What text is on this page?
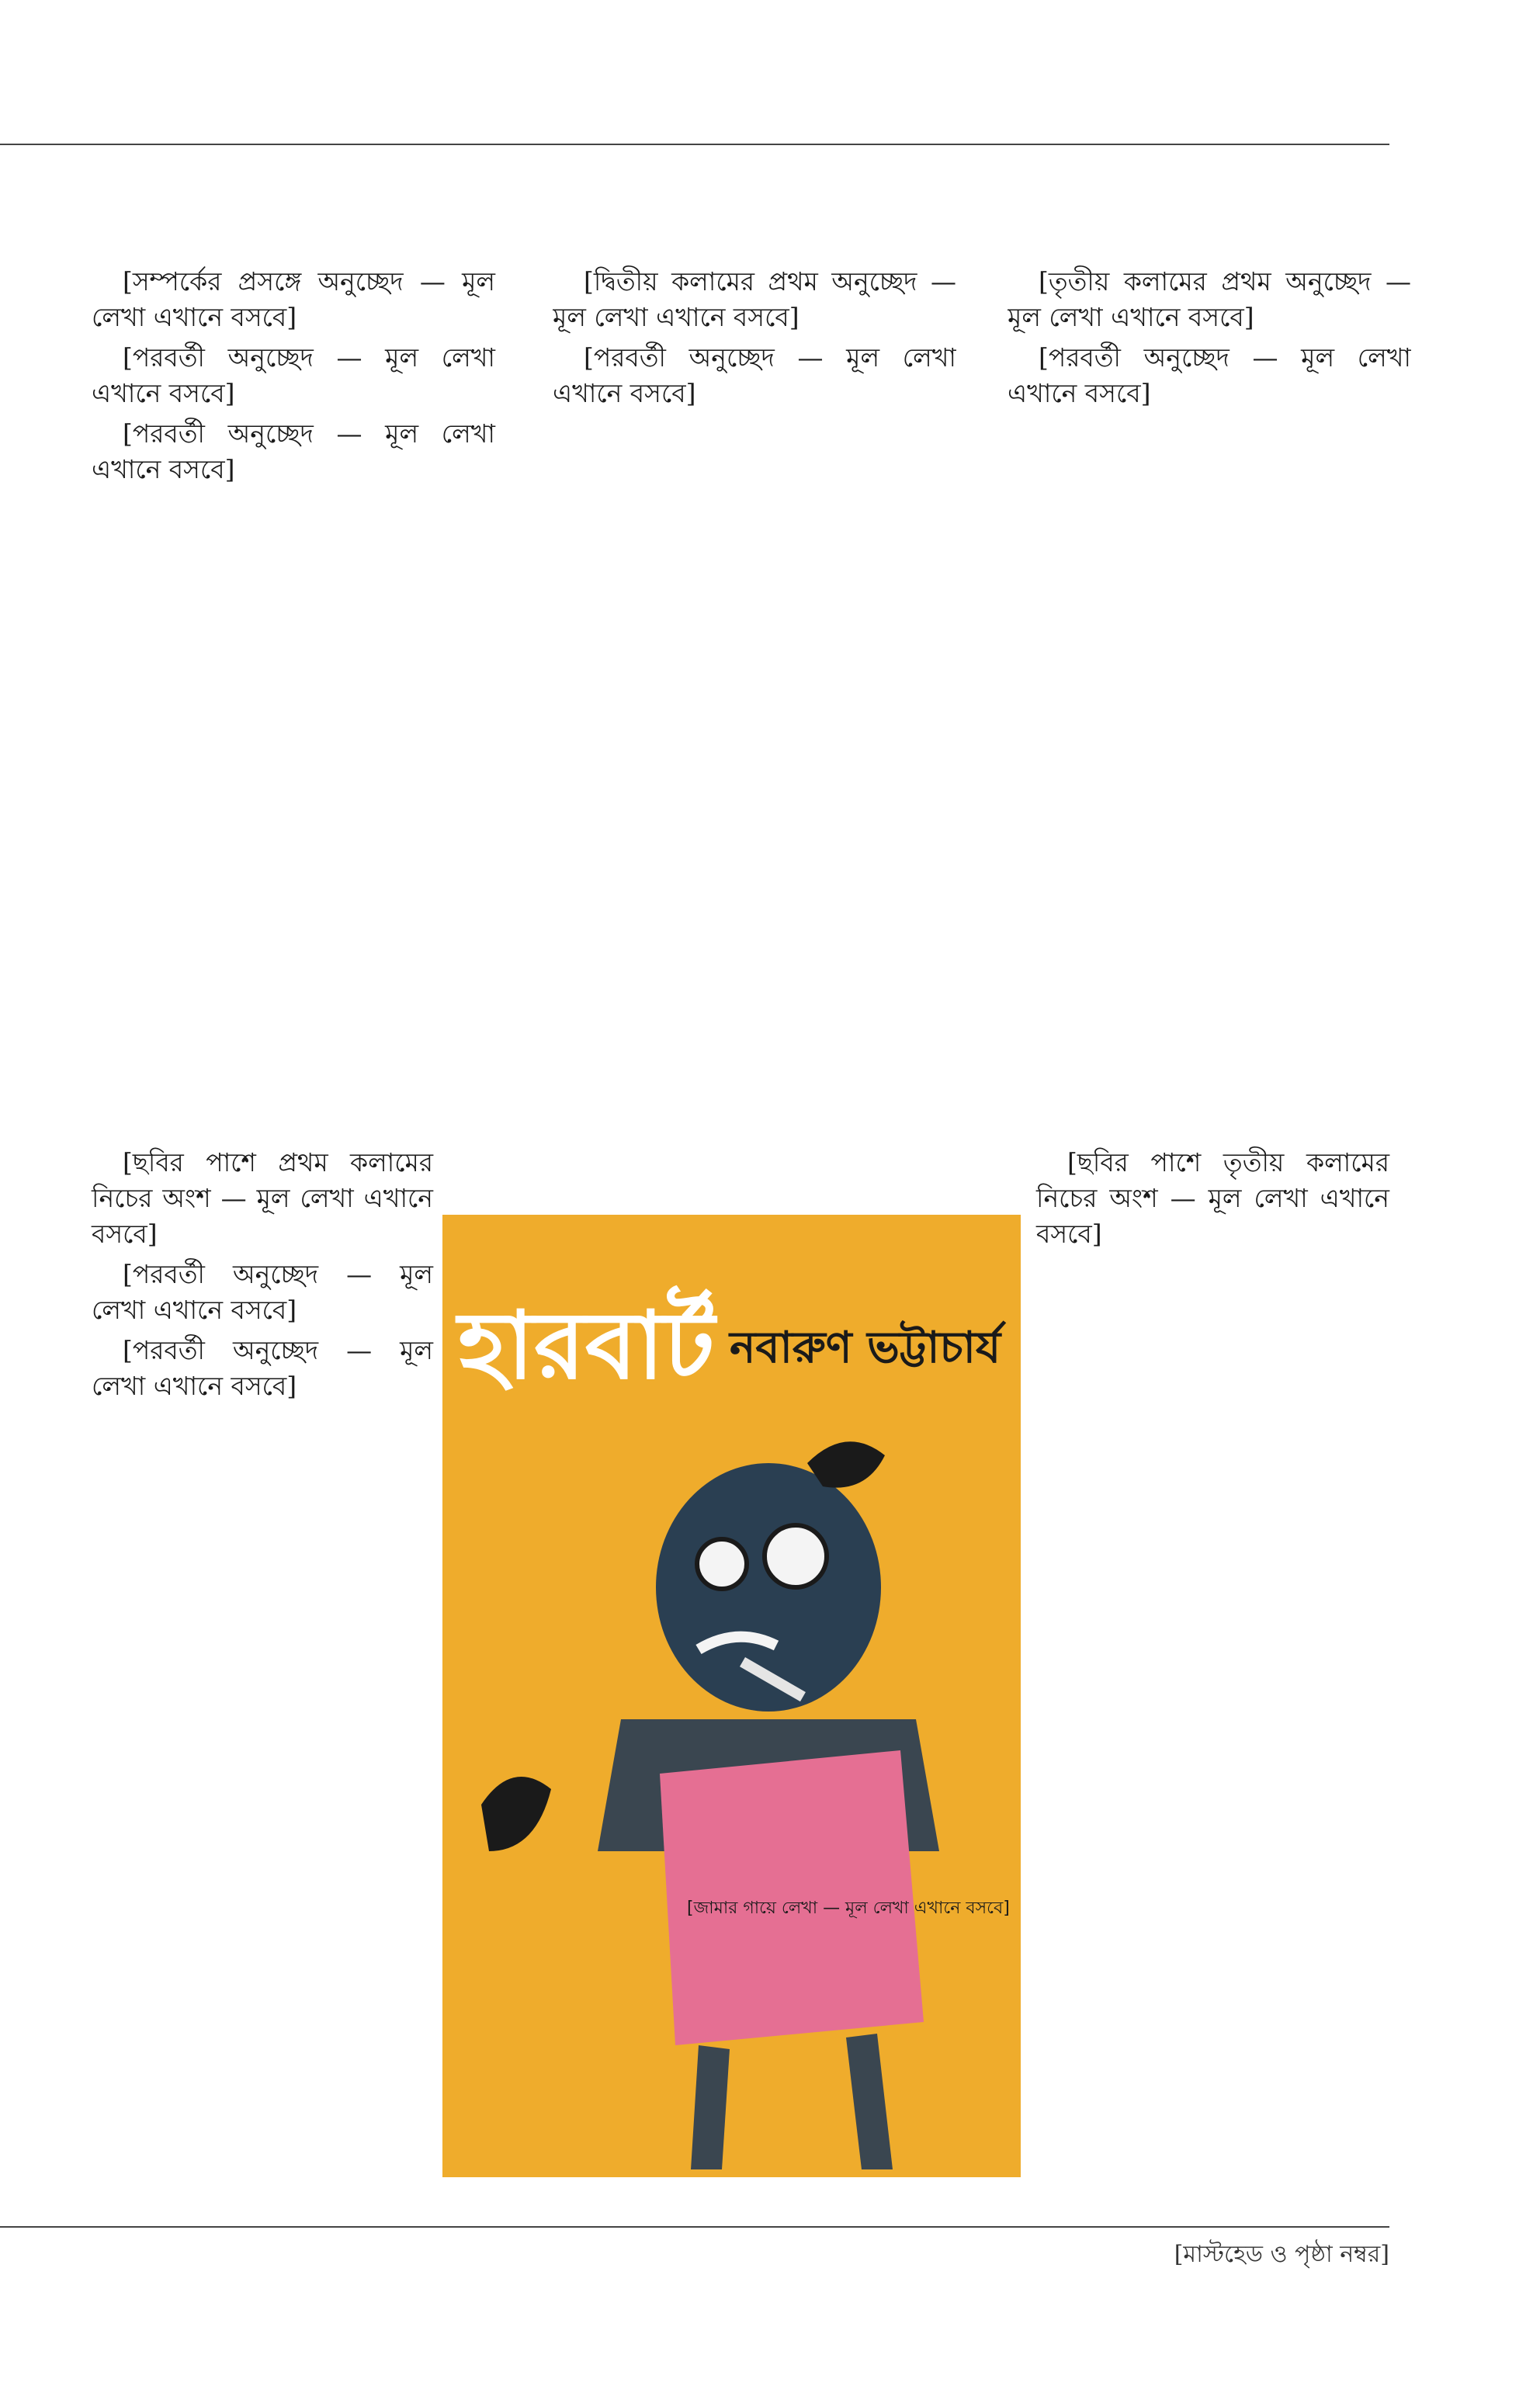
[সম্পর্কের প্রসঙ্গে অনুচ্ছেদ — মূল লেখা এখানে বসবে]

[পরবর্তী অনুচ্ছেদ — মূল লেখা এখানে বসবে]

[পরবর্তী অনুচ্ছেদ — মূল লেখা এখানে বসবে]

[ছবির পাশে প্রথম কলামের নিচের অংশ — মূল লেখা এখানে বসবে]

[পরবর্তী অনুচ্ছেদ — মূল লেখা এখানে বসবে]

[পরবর্তী অনুচ্ছেদ — মূল লেখা এখানে বসবে]

[দ্বিতীয় কলামের প্রথম অনুচ্ছেদ — মূল লেখা এখানে বসবে]

[পরবর্তী অনুচ্ছেদ — মূল লেখা এখানে বসবে]

[তৃতীয় কলামের প্রথম অনুচ্ছেদ — মূল লেখা এখানে বসবে]

[পরবর্তী অনুচ্ছেদ — মূল লেখা এখানে বসবে]

[ছবির পাশে তৃতীয় কলামের নিচের অংশ — মূল লেখা এখানে বসবে]

হারবার্ট নবারুণ ভট্টাচার্য
[জামার গায়ে লেখা — মূল লেখা এখানে বসবে]
[মাস্টহেড ও পৃষ্ঠা নম্বর]
